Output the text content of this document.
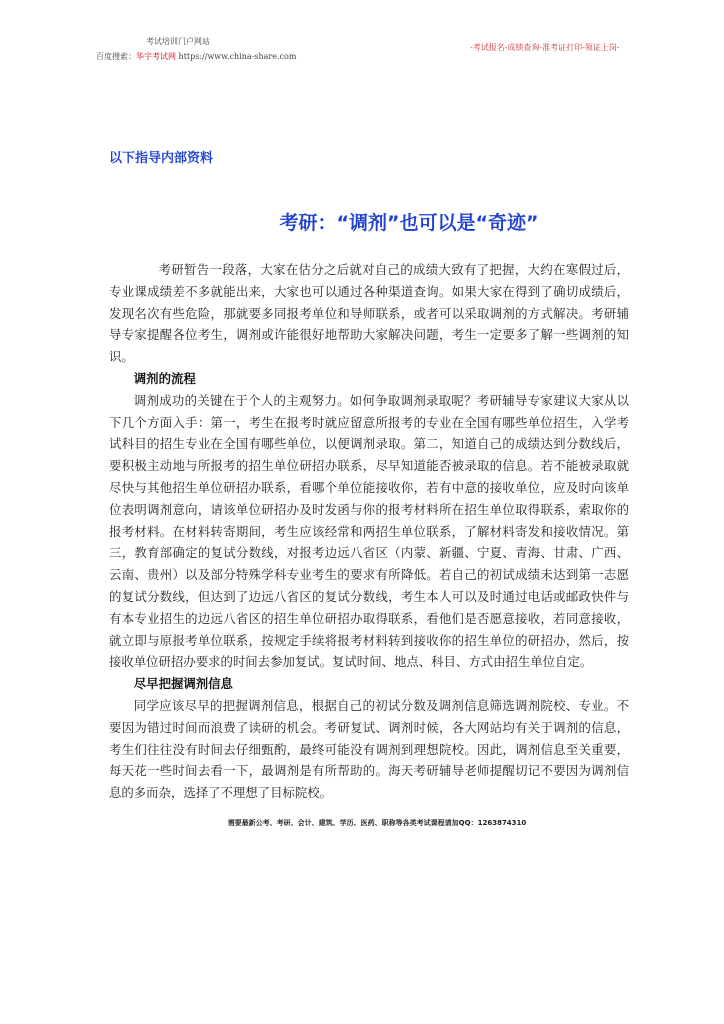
考试培训门户网站
百度搜索：华宇考试网 https://www.china-share.com
-考试报名-成绩查询-准考证打印-领证上岗-
以下指导内部资料
考研：“调剂”也可以是“奇迹”

考研暂告一段落，大家在估分之后就对自己的成绩大致有了把握，大约在寒假过后，专业课成绩差不多就能出来，大家也可以通过各种渠道查询。如果大家在得到了确切成绩后，发现名次有些危险，那就要多同报考单位和导师联系，或者可以采取调剂的方式解决。考研辅导专家提醒各位考生，调剂或许能很好地帮助大家解决问题，考生一定要多了解一些调剂的知识。

调剂的流程

调剂成功的关键在于个人的主观努力。如何争取调剂录取呢？考研辅导专家建议大家从以下几个方面入手：第一，考生在报考时就应留意所报考的专业在全国有哪些单位招生，入学考试科目的招生专业在全国有哪些单位，以便调剂录取。第二，知道自己的成绩达到分数线后，要积极主动地与所报考的招生单位研招办联系，尽早知道能否被录取的信息。若不能被录取就尽快与其他招生单位研招办联系，看哪个单位能接收你，若有中意的接收单位，应及时向该单位表明调剂意向，请该单位研招办及时发函与你的报考材料所在招生单位取得联系，索取你的报考材料。在材料转寄期间，考生应该经常和两招生单位联系，了解材料寄发和接收情况。第三，教育部确定的复试分数线，对报考边远八省区（内蒙、新疆、宁夏、青海、甘肃、广西、云南、贵州）以及部分特殊学科专业考生的要求有所降低。若自己的初试成绩未达到第一志愿的复试分数线，但达到了边远八省区的复试分数线，考生本人可以及时通过电话或邮政快件与有本专业招生的边远八省区的招生单位研招办取得联系，看他们是否愿意接收，若同意接收，就立即与原报考单位联系，按规定手续将报考材料转到接收你的招生单位的研招办，然后，按接收单位研招办要求的时间去参加复试。复试时间、地点、科目、方式由招生单位自定。

尽早把握调剂信息

同学应该尽早的把握调剂信息，根据自己的初试分数及调剂信息筛选调剂院校、专业。不要因为错过时间而浪费了读研的机会。考研复试、调剂时候，各大网站均有关于调剂的信息，考生们往往没有时间去仔细甄酌，最终可能没有调剂到理想院校。因此，调剂信息至关重要，每天花一些时间去看一下，最调剂是有所帮助的。海天考研辅导老师提醒切记不要因为调剂信息的多而杂，选择了不理想了目标院校。

需要最新公考、考研、会计、建筑、学历、医药、职称等各类考试课程请加QQ：1263874310
